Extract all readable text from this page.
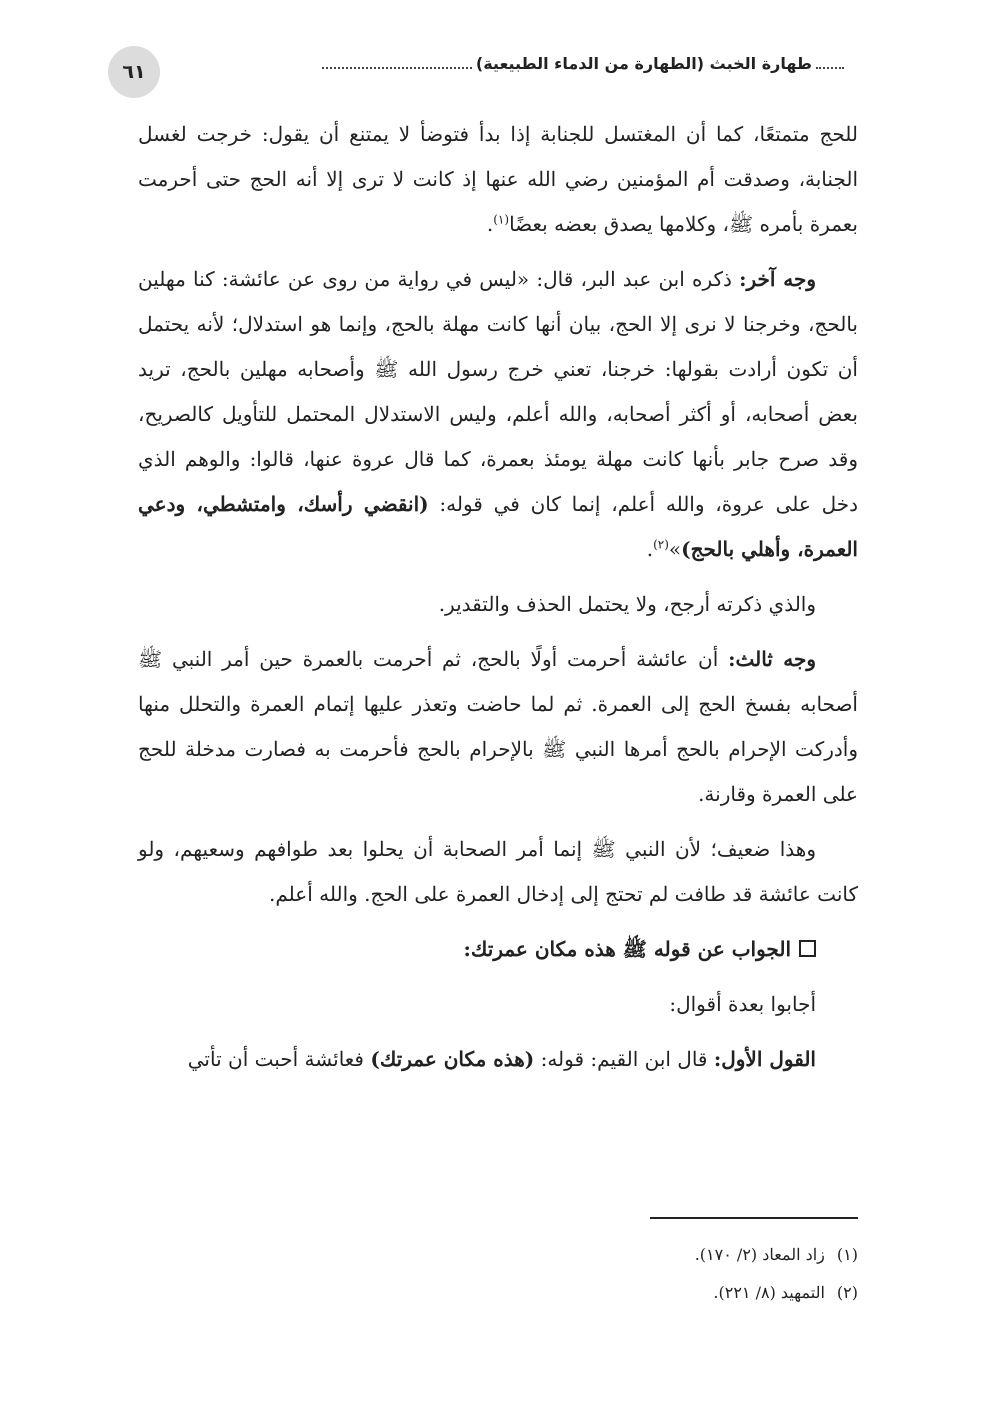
٦١	طهارة الخبث (الطهارة من الدماء الطبيعية)

للحج متمتعًا، كما أن المغتسل للجنابة إذا بدأ فتوضأ لا يمتنع أن يقول: خرجت لغسل الجنابة، وصدقت أم المؤمنين رضي الله عنها إذ كانت لا ترى إلا أنه الحج حتى أحرمت بعمرة بأمره ﷺ، وكلامها يصدق بعضه بعضًا$^{(١)}$.

وجه آخر: ذكره ابن عبد البر، قال: «ليس في رواية من روى عن عائشة: كنا مهلين بالحج، وخرجنا لا نرى إلا الحج، بيان أنها كانت مهلة بالحج، وإنما هو استدلال؛ لأنه يحتمل أن تكون أرادت بقولها: خرجنا، تعني خرج رسول الله ﷺ وأصحابه مهلين بالحج، تريد بعض أصحابه، أو أكثر أصحابه، والله أعلم، وليس الاستدلال المحتمل للتأويل كالصريح، وقد صرح جابر بأنها كانت مهلة يومئذ بعمرة، كما قال عروة عنها، قالوا: والوهم الذي دخل على عروة، والله أعلم، إنما كان في قوله: (انقضي رأسك، وامتشطي، ودعي العمرة، وأهلي بالحج)»$^{(٢)}$.

والذي ذكرته أرجح، ولا يحتمل الحذف والتقدير.

وجه ثالث: أن عائشة أحرمت أولًا بالحج، ثم أحرمت بالعمرة حين أمر النبي ﷺ أصحابه بفسخ الحج إلى العمرة. ثم لما حاضت وتعذر عليها إتمام العمرة والتحلل منها وأدركت الإحرام بالحج أمرها النبي ﷺ بالإحرام بالحج فأحرمت به فصارت مدخلة للحج على العمرة وقارنة.

وهذا ضعيف؛ لأن النبي ﷺ إنما أمر الصحابة أن يحلوا بعد طوافهم وسعيهم، ولو كانت عائشة قد طافت لم تحتج إلى إدخال العمرة على الحج. والله أعلم.

الجواب عن قوله ﷺ هذه مكان عمرتك:

أجابوا بعدة أقوال:

القول الأول: قال ابن القيم: قوله: (هذه مكان عمرتك) فعائشة أحبت أن تأتي

(١)زاد المعاد (٢/ ١٧٠).
(٢)التمهيد (٨/ ٢٢١).
